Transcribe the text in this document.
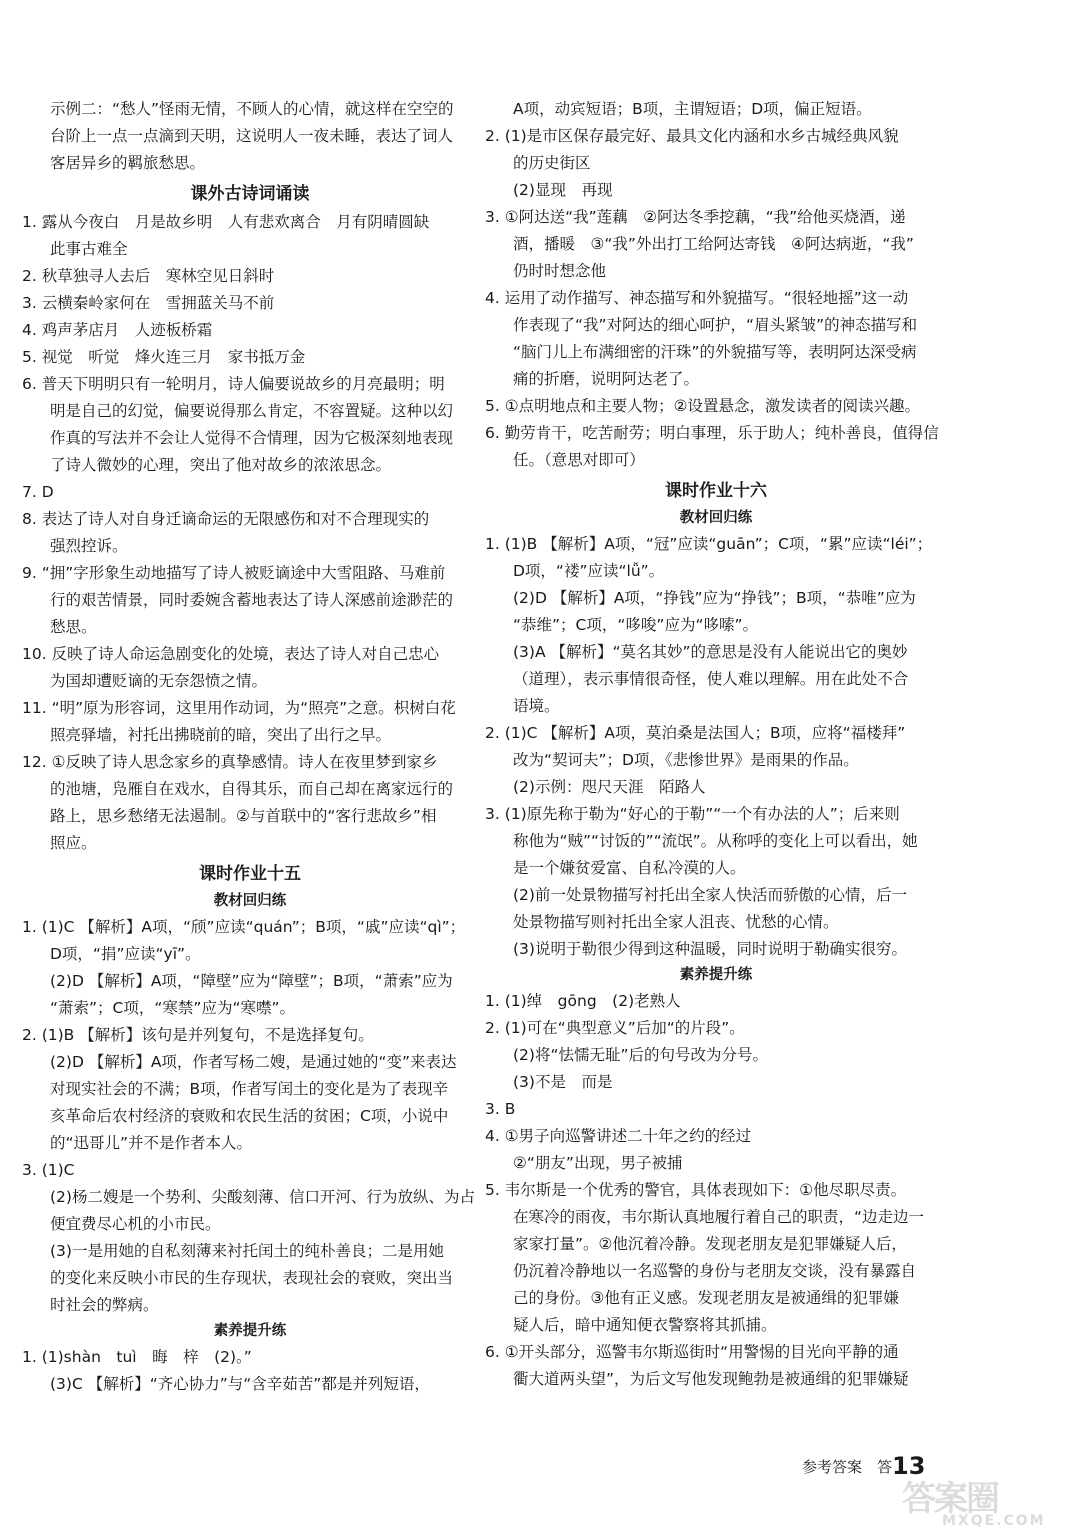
示例二：“愁人”怪雨无情，不顾人的心情，就这样在空空的
台阶上一点一点滴到天明，这说明人一夜未睡，表达了词人
客居异乡的羁旅愁思。
课外古诗词诵读
1. 露从今夜白　月是故乡明　人有悲欢离合　月有阴晴圆缺
此事古难全
2. 秋草独寻人去后　寒林空见日斜时
3. 云横秦岭家何在　雪拥蓝关马不前
4. 鸡声茅店月　人迹板桥霜
5. 视觉　听觉　烽火连三月　家书抵万金
6. 普天下明明只有一轮明月，诗人偏要说故乡的月亮最明；明
明是自己的幻觉，偏要说得那么肯定，不容置疑。这种以幻
作真的写法并不会让人觉得不合情理，因为它极深刻地表现
了诗人微妙的心理，突出了他对故乡的浓浓思念。
7. D
8. 表达了诗人对自身迁谪命运的无限感伤和对不合理现实的
强烈控诉。
9. “拥”字形象生动地描写了诗人被贬谪途中大雪阻路、马难前
行的艰苦情景，同时委婉含蓄地表达了诗人深感前途渺茫的
愁思。
10. 反映了诗人命运急剧变化的处境，表达了诗人对自己忠心
为国却遭贬谪的无奈怨愤之情。
11. “明”原为形容词，这里用作动词，为“照亮”之意。枳树白花
照亮驿墙，衬托出拂晓前的暗，突出了出行之早。
12. ①反映了诗人思念家乡的真挚感情。诗人在夜里梦到家乡
的池塘，凫雁自在戏水，自得其乐，而自己却在离家远行的
路上，思乡愁绪无法遏制。②与首联中的“客行悲故乡”相
照应。
课时作业十五
教材回归练
1. (1)C 【解析】A项，“颀”应读“quán”；B项，“戚”应读“qì”；
D项，“捐”应读“yī”。
(2)D 【解析】A项，“障壁”应为“障壁”；B项，“萧索”应为
“萧索”；C项，“寒禁”应为“寒噤”。
2. (1)B 【解析】该句是并列复句，不是选择复句。
(2)D 【解析】A项，作者写杨二嫂，是通过她的“变”来表达
对现实社会的不满；B项，作者写闰土的变化是为了表现辛
亥革命后农村经济的衰败和农民生活的贫困；C项，小说中
的“迅哥儿”并不是作者本人。
3. (1)C
(2)杨二嫂是一个势利、尖酸刻薄、信口开河、行为放纵、为占
便宜费尽心机的小市民。
(3)一是用她的自私刻薄来衬托闰土的纯朴善良；二是用她
的变化来反映小市民的生存现状，表现社会的衰败，突出当
时社会的弊病。
素养提升练
1. (1)shàn　tuì　晦　梓　(2)。”
(3)C 【解析】“齐心协力”与“含辛茹苦”都是并列短语，
A项，动宾短语；B项，主谓短语；D项，偏正短语。
2. (1)是市区保存最完好、最具文化内涵和水乡古城经典风貌
的历史街区
(2)显现　再现
3. ①阿达送“我”莲藕　②阿达冬季挖藕，“我”给他买烧酒，递
酒，播暖　③“我”外出打工给阿达寄钱　④阿达病逝，“我”
仍时时想念他
4. 运用了动作描写、神态描写和外貌描写。“很轻地摇”这一动
作表现了“我”对阿达的细心呵护，“眉头紧皱”的神态描写和
“脑门儿上布满细密的汗珠”的外貌描写等，表明阿达深受病
痛的折磨，说明阿达老了。
5. ①点明地点和主要人物；②设置悬念，激发读者的阅读兴趣。
6. 勤劳肯干，吃苦耐劳；明白事理，乐于助人；纯朴善良，值得信
任。（意思对即可）
课时作业十六
教材回归练
1. (1)B 【解析】A项，“冠”应读“guān”；C项，“累”应读“léi”；
D项，“褛”应读“lǚ”。
(2)D 【解析】A项，“挣钱”应为“挣钱”；B项，“恭唯”应为
“恭维”；C项，“哆唆”应为“哆嗦”。
(3)A 【解析】“莫名其妙”的意思是没有人能说出它的奥妙
（道理），表示事情很奇怪，使人难以理解。用在此处不合
语境。
2. (1)C 【解析】A项，莫泊桑是法国人；B项，应将“福楼拜”
改为“契诃夫”；D项，《悲惨世界》是雨果的作品。
(2)示例：咫尺天涯　陌路人
3. (1)原先称于勒为“好心的于勒”“一个有办法的人”；后来则
称他为“贼”“讨饭的”“流氓”。从称呼的变化上可以看出，她
是一个嫌贫爱富、自私冷漠的人。
(2)前一处景物描写衬托出全家人快活而骄傲的心情，后一
处景物描写则衬托出全家人沮丧、忧愁的心情。
(3)说明于勒很少得到这种温暖，同时说明于勒确实很穷。
素养提升练
1. (1)绰　gōng　(2)老熟人
2. (1)可在“典型意义”后加“的片段”。
(2)将“怯懦无耻”后的句号改为分号。
(3)不是　而是
3. B
4. ①男子向巡警讲述二十年之约的经过
②“朋友”出现，男子被捕
5. 韦尔斯是一个优秀的警官，具体表现如下：①他尽职尽责。
在寒冷的雨夜，韦尔斯认真地履行着自己的职责，“边走边一
家家打量”。②他沉着冷静。发现老朋友是犯罪嫌疑人后，
仍沉着冷静地以一名巡警的身份与老朋友交谈，没有暴露自
己的身份。③他有正义感。发现老朋友是被通缉的犯罪嫌
疑人后，暗中通知便衣警察将其抓捕。
6. ①开头部分，巡警韦尔斯巡街时“用警惕的目光向平静的通
衢大道两头望”，为后文写他发现鲍勃是被通缉的犯罪嫌疑
参考答案　答13
答案圈
MXQE.COM
